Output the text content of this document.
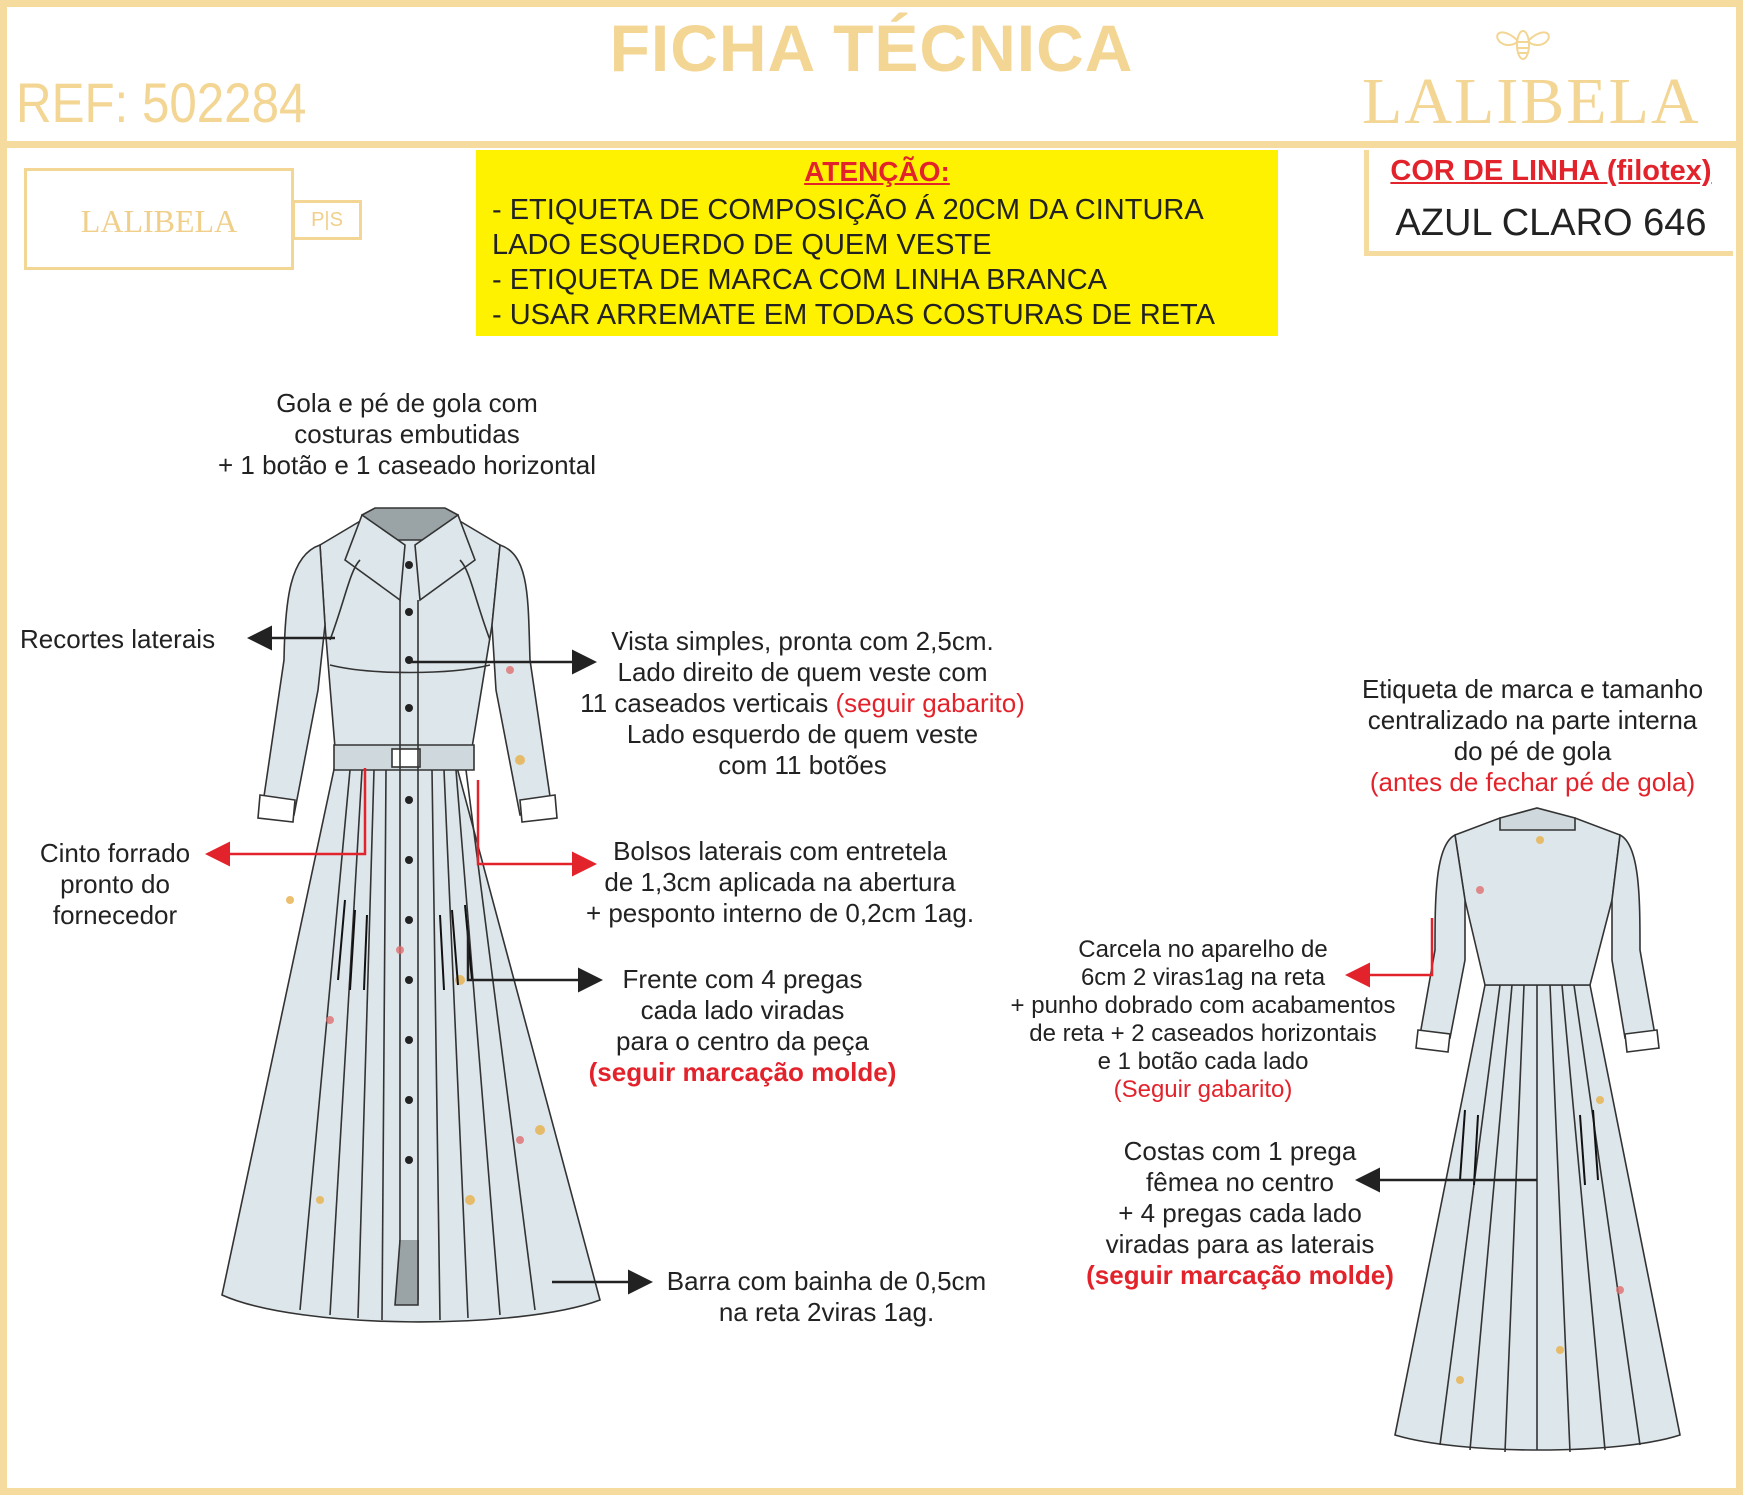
FICHA TÉCNICA
REF: 502284	LALIBELA
LALIBELA	P|S
ATENÇÃO:
- ETIQUETA DE COMPOSIÇÃO Á 20CM DA CINTURA
LADO ESQUERDO DE QUEM VESTE
- ETIQUETA DE MARCA COM LINHA BRANCA
- USAR ARREMATE EM TODAS COSTURAS DE RETA
COR DE LINHA (filotex)
AZUL CLARO 646
Gola e pé de gola com
costuras embutidas
+ 1 botão e 1 caseado horizontal
Recortes laterais	Vista simples, pronta com 2,5cm.
Lado direito de quem veste com
11 caseados verticais (seguir gabarito)
Lado esquerdo de quem veste
com 11 botões
Cinto forrado
pronto do
fornecedor
Bolsos laterais com entretela
de 1,3cm aplicada na abertura
+ pesponto interno de 0,2cm 1ag.
Frente com 4 pregas
cada lado viradas
para o centro da peça
(seguir marcação molde)
Barra com bainha de 0,5cm
na reta 2viras 1ag.
Etiqueta de marca e tamanho
centralizado na parte interna
do pé de gola
(antes de fechar pé de gola)
Carcela no aparelho de
6cm 2 viras1ag na reta
+ punho dobrado com acabamentos
de reta + 2 caseados horizontais
e 1 botão cada lado
(Seguir gabarito)
Costas com 1 prega
fêmea no centro
+ 4 pregas cada lado
viradas para as laterais
(seguir marcação molde)
